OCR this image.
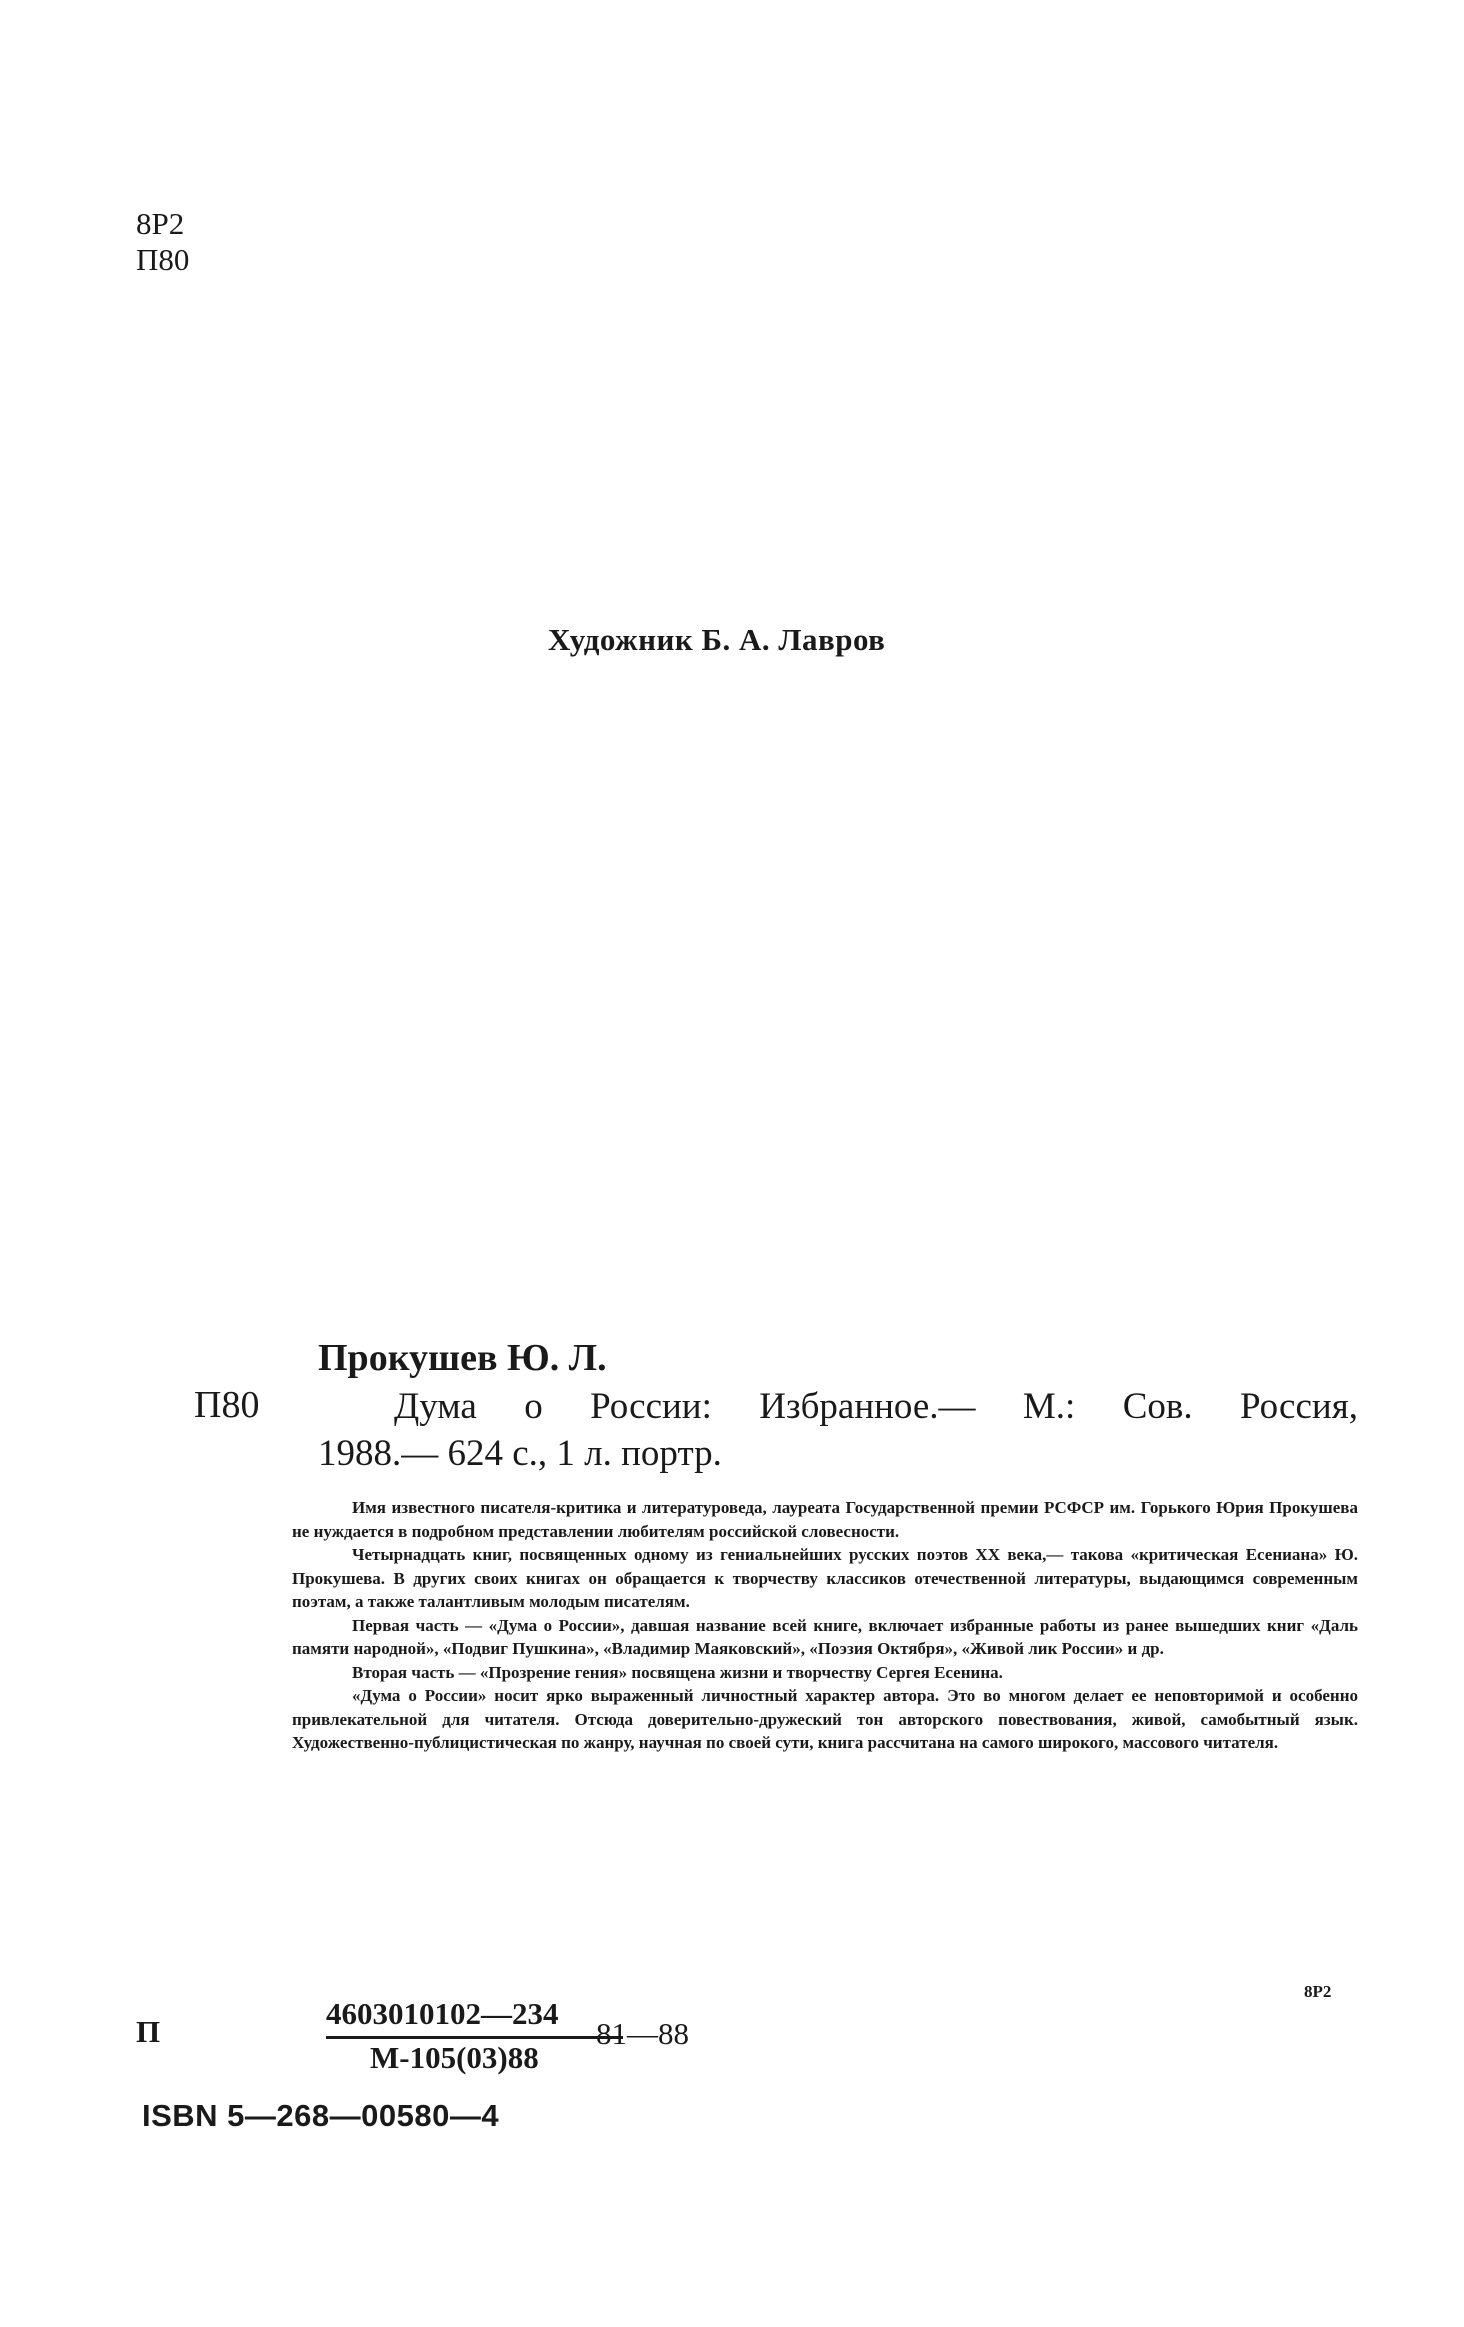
8Р2
П80
Художник Б. А. Лавров
Прокушев Ю. Л.
П80	Дума о России: Избранное.— М.: Сов. Россия,
1988.— 624 с., 1 л. портр.

Имя известного писателя-критика и литературоведа, лауреата Государственной премии РСФСР им. Горького Юрия Прокушева не нуждается в подробном представлении любителям российской словесности.

Четырнадцать книг, посвященных одному из гениальнейших русских поэтов XX века,— такова «критическая Есениана» Ю. Прокушева. В других своих книгах он обращается к творчеству классиков отечественной литературы, выдающимся современным поэтам, а также талантливым молодым писателям.

Первая часть — «Дума о России», давшая название всей книге, включает избранные работы из ранее вышедших книг «Даль памяти народной», «Подвиг Пушкина», «Владимир Маяковский», «Поэзия Октября», «Живой лик России» и др.

Вторая часть — «Прозрение гения» посвящена жизни и творчеству Сергея Есенина.

«Дума о России» носит ярко выраженный личностный характер автора. Это во многом делает ее неповторимой и особенно привлекательной для читателя. Отсюда доверительно-дружеский тон авторского повествования, живой, самобытный язык. Художественно-публицистическая по жанру, научная по своей сути, книга рассчитана на самого широкого, массового читателя.

8Р2
П
4603010102—234
М-105(03)88
81—88
ISBN 5—268—00580—4
